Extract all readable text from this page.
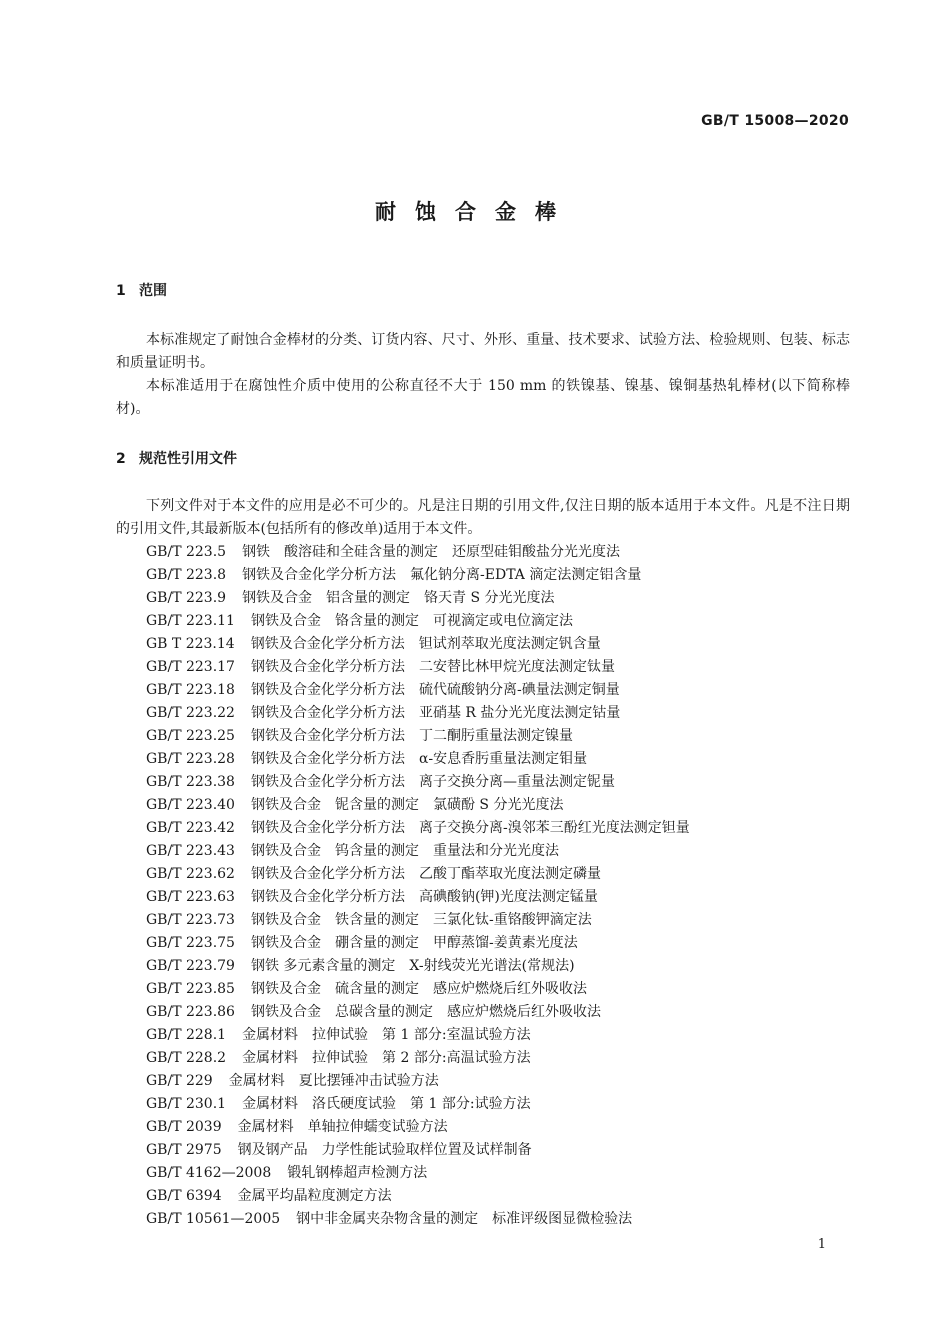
GB/T 15008—2020
耐蚀合金棒
1 范围

本标准规定了耐蚀合金棒材的分类、订货内容、尺寸、外形、重量、技术要求、试验方法、检验规则、包装、标志和质量证明书。

本标准适用于在腐蚀性介质中使用的公称直径不大于 150 mm 的铁镍基、镍基、镍铜基热轧棒材(以下简称棒材)。

2 规范性引用文件

下列文件对于本文件的应用是必不可少的。凡是注日期的引用文件,仅注日期的版本适用于本文件。凡是不注日期的引用文件,其最新版本(包括所有的修改单)适用于本文件。

GB/T 223.5 钢铁　酸溶硅和全硅含量的测定　还原型硅钼酸盐分光光度法
GB/T 223.8 钢铁及合金化学分析方法　氟化钠分离-EDTA 滴定法测定铝含量
GB/T 223.9 钢铁及合金　铝含量的测定　铬天青 S 分光光度法
GB/T 223.11 钢铁及合金　铬含量的测定　可视滴定或电位滴定法
GB T 223.14 钢铁及合金化学分析方法　钽试剂萃取光度法测定钒含量
GB/T 223.17 钢铁及合金化学分析方法　二安替比林甲烷光度法测定钛量
GB/T 223.18 钢铁及合金化学分析方法　硫代硫酸钠分离-碘量法测定铜量
GB/T 223.22 钢铁及合金化学分析方法　亚硝基 R 盐分光光度法测定钴量
GB/T 223.25 钢铁及合金化学分析方法　丁二酮肟重量法测定镍量
GB/T 223.28 钢铁及合金化学分析方法　α-安息香肟重量法测定钼量
GB/T 223.38 钢铁及合金化学分析方法　离子交换分离—重量法测定铌量
GB/T 223.40 钢铁及合金　铌含量的测定　氯磺酚 S 分光光度法
GB/T 223.42 钢铁及合金化学分析方法　离子交换分离-溴邻苯三酚红光度法测定钽量
GB/T 223.43 钢铁及合金　钨含量的测定　重量法和分光光度法
GB/T 223.62 钢铁及合金化学分析方法　乙酸丁酯萃取光度法测定磷量
GB/T 223.63 钢铁及合金化学分析方法　高碘酸钠(钾)光度法测定锰量
GB/T 223.73 钢铁及合金　铁含量的测定　三氯化钛-重铬酸钾滴定法
GB/T 223.75 钢铁及合金　硼含量的测定　甲醇蒸馏-姜黄素光度法
GB/T 223.79 钢铁 多元素含量的测定　X-射线荧光光谱法(常规法)
GB/T 223.85 钢铁及合金　硫含量的测定　感应炉燃烧后红外吸收法
GB/T 223.86 钢铁及合金　总碳含量的测定　感应炉燃烧后红外吸收法
GB/T 228.1 金属材料　拉伸试验　第 1 部分:室温试验方法
GB/T 228.2 金属材料　拉伸试验　第 2 部分:高温试验方法
GB/T 229 金属材料　夏比摆锤冲击试验方法
GB/T 230.1 金属材料　洛氏硬度试验　第 1 部分:试验方法
GB/T 2039 金属材料　单轴拉伸蠕变试验方法
GB/T 2975 钢及钢产品　力学性能试验取样位置及试样制备
GB/T 4162—2008 锻轧钢棒超声检测方法
GB/T 6394 金属平均晶粒度测定方法
GB/T 10561—2005 钢中非金属夹杂物含量的测定　标准评级图显微检验法
1
